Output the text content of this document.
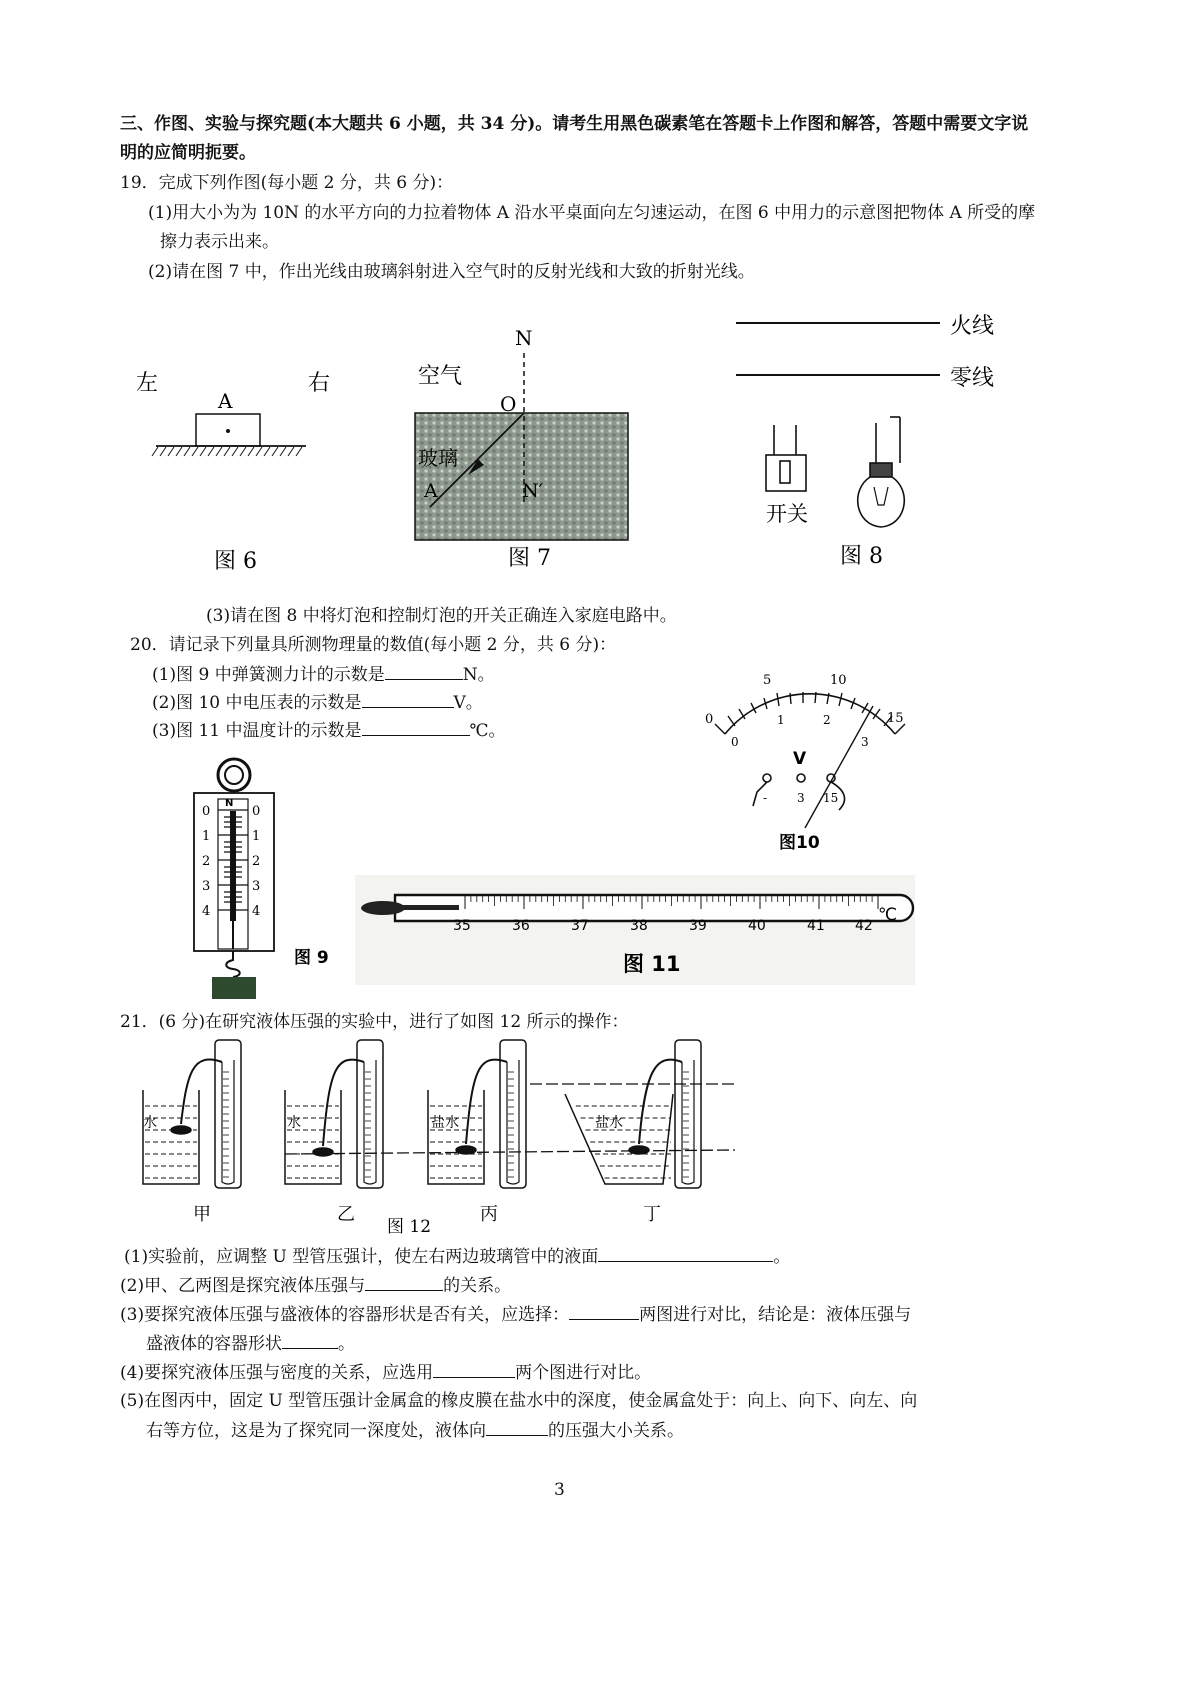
三、作图、实验与探究题(本大题共 6 小题，共 34 分)。请考生用黑色碳素笔在答题卡上作图和解答，答题中需要文字说
明的应简明扼要。
19．完成下列作图(每小题 2 分，共 6 分)：
(1)用大小为为 10N 的水平方向的力拉着物体 A 沿水平桌面向左匀速运动，在图 6 中用力的示意图把物体 A 所受的摩
擦力表示出来。
(2)请在图 7 中，作出光线由玻璃斜射进入空气时的反射光线和大致的折射光线。
左	右
A
图 6
N
空气
O
玻璃
A	N′
图 7
火线
零线
开关
图 8
(3)请在图 8 中将灯泡和控制灯泡的开关正确连入家庭电路中。
20．请记录下列量具所测物理量的数值(每小题 2 分，共 6 分)：
(1)图 9 中弹簧测力计的示数是	N。
(2)图 10 中电压表的示数是	V。
(3)图 11 中温度计的示数是	℃。
0
5	10
15
0
1	2
3
V
- 3 15
图10
N
0
1
2
3
4
0
1
2
3
4
图 9
35	36	37	38	39	40	41 42
℃
图 11
21．(6 分)在研究液体压强的实验中，进行了如图 12 所示的操作：
水	水	盐水	盐水
甲	乙	丙	丁
图 12
(1)实验前，应调整 U 型管压强计，使左右两边玻璃管中的液面	。
(2)甲、乙两图是探究液体压强与	的关系。
(3)要探究液体压强与盛液体的容器形状是否有关，应选择：	两图进行对比，结论是：液体压强与
盛液体的容器形状	。
(4)要探究液体压强与密度的关系，应选用	两个图进行对比。
(5)在图丙中，固定 U 型管压强计金属盒的橡皮膜在盐水中的深度，使金属盒处于：向上、向下、向左、向
右等方位，这是为了探究同一深度处，液体向	的压强大小关系。
3
